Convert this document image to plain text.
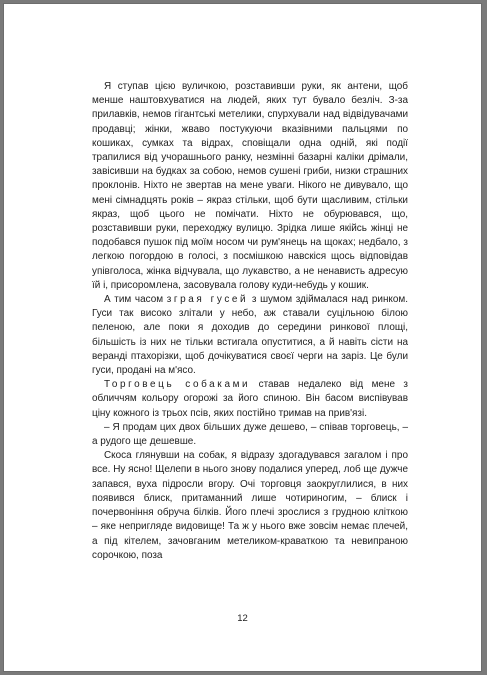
Я ступав цією вуличкою, розставивши руки, як антени, щоб менше наштовхуватися на людей, яких тут бувало безліч. З-за прилавків, немов гігантські метелики, спурхували над відвідувачами продавці; жінки, жваво постукуючи вказівними пальцями по кошиках, сумках та відрах, сповіщали одна одній, які події трапилися від учорашнього ранку, незмінні базарні каліки дрімали, завісивши на будках за собою, немов сушені гриби, низки страшних проклонів. Ніхто не звертав на мене уваги. Нікого не дивувало, що мені сімнадцять років – якраз стільки, щоб бути щасливим, стільки якраз, щоб цього не помічати. Ніхто не обурювався, що, розставивши руки, переходжу вулицю. Зрідка лише якійсь жінці не подобався пушок під моїм носом чи рум'янець на щоках; недбало, з легкою погордою в голосі, з посмішкою навскіся щось відповідав упівголоса, жінка відчувала, що лукавство, а не ненависть адресую їй і, присоромлена, засовувала голову куди-небудь у кошик.

А тим часом зграя гусей з шумом здіймалася над ринком. Гуси так високо злітали у небо, аж ставали суцільною білою пеленою, але поки я доходив до середини ринкової площі, більшість із них не тільки встигала опуститися, а й навіть сісти на веранді птахорізки, щоб дочікуватися своєї черги на заріз. Це були гуси, продані на м'ясо.

Торговець собаками ставав недалеко від мене з обличчям кольору огорожі за його спиною. Він басом виспівував ціну кожного із трьох псів, яких постійно тримав на прив'язі.

– Я продам цих двох більших дуже дешево, – співав торговець, – а рудого ще дешевше.

Скоса глянувши на собак, я відразу здогадувався загалом і про все. Ну ясно! Щелепи в нього знову подалися уперед, лоб ще дужче запався, вуха підросли вгору. Очі торговця заокруглилися, в них появився блиск, притаманний лише чотириногим, – блиск і почервоніння обруча білків. Його плечі зрослися з грудною кліткою – яке непригляде видовище! Та ж у нього вже зовсім немає плечей, а під кітелем, зачовганим метеликом-краваткою та невипраною сорочкою, поза

12
